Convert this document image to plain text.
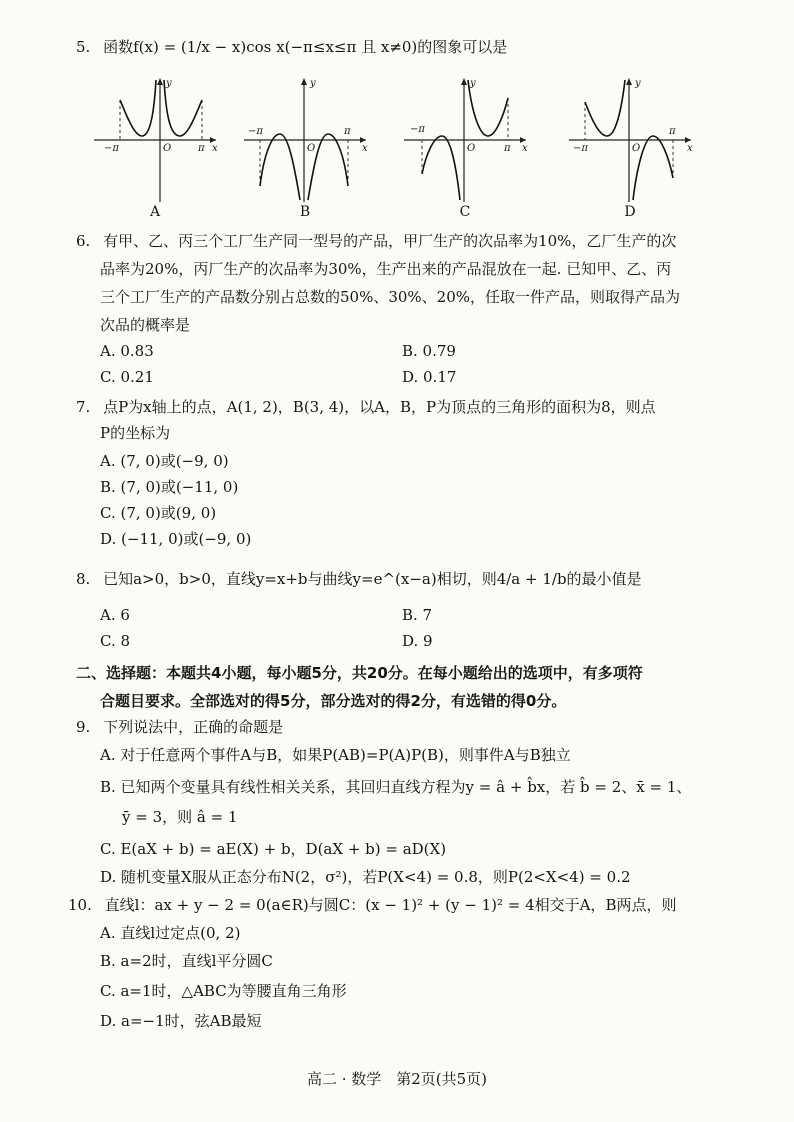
5. 函数f(x) = (1/x − x)cos x(−π≤x≤π 且 x≠0)的图象可以是
y
−π	O	π x
A
y
−π
O
π
x
B
y
−π
O	π x
C
y
−π	O
π
x
D
6. 有甲、乙、丙三个工厂生产同一型号的产品，甲厂生产的次品率为10%，乙厂生产的次
品率为20%，丙厂生产的次品率为30%，生产出来的产品混放在一起. 已知甲、乙、丙
三个工厂生产的产品数分别占总数的50%、30%、20%，任取一件产品，则取得产品为
次品的概率是
A. 0.83	B. 0.79
C. 0.21	D. 0.17
7. 点P为x轴上的点，A(1, 2)，B(3, 4)，以A，B，P为顶点的三角形的面积为8，则点
P的坐标为
A. (7, 0)或(−9, 0)
B. (7, 0)或(−11, 0)
C. (7, 0)或(9, 0)
D. (−11, 0)或(−9, 0)
8. 已知a>0，b>0，直线y=x+b与曲线y=e^(x−a)相切，则4/a + 1/b的最小值是
A. 6	B. 7
C. 8	D. 9
二、选择题：本题共4小题，每小题5分，共20分。在每小题给出的选项中，有多项符
合题目要求。全部选对的得5分，部分选对的得2分，有选错的得0分。
9. 下列说法中，正确的命题是
A. 对于任意两个事件A与B，如果P(AB)=P(A)P(B)，则事件A与B独立
B. 已知两个变量具有线性相关关系，其回归直线方程为y = â + b̂x，若 b̂ = 2、x̄ = 1、
ȳ = 3，则 â = 1
C. E(aX + b) = aE(X) + b，D(aX + b) = aD(X)
D. 随机变量X服从正态分布N(2，σ²)，若P(X<4) = 0.8，则P(2<X<4) = 0.2
10. 直线l：ax + y − 2 = 0(a∈R)与圆C：(x − 1)² + (y − 1)² = 4相交于A，B两点，则
A. 直线l过定点(0, 2)
B. a=2时，直线l平分圆C
C. a=1时，△ABC为等腰直角三角形
D. a=−1时，弦AB最短
高二 · 数学　第2页(共5页)
